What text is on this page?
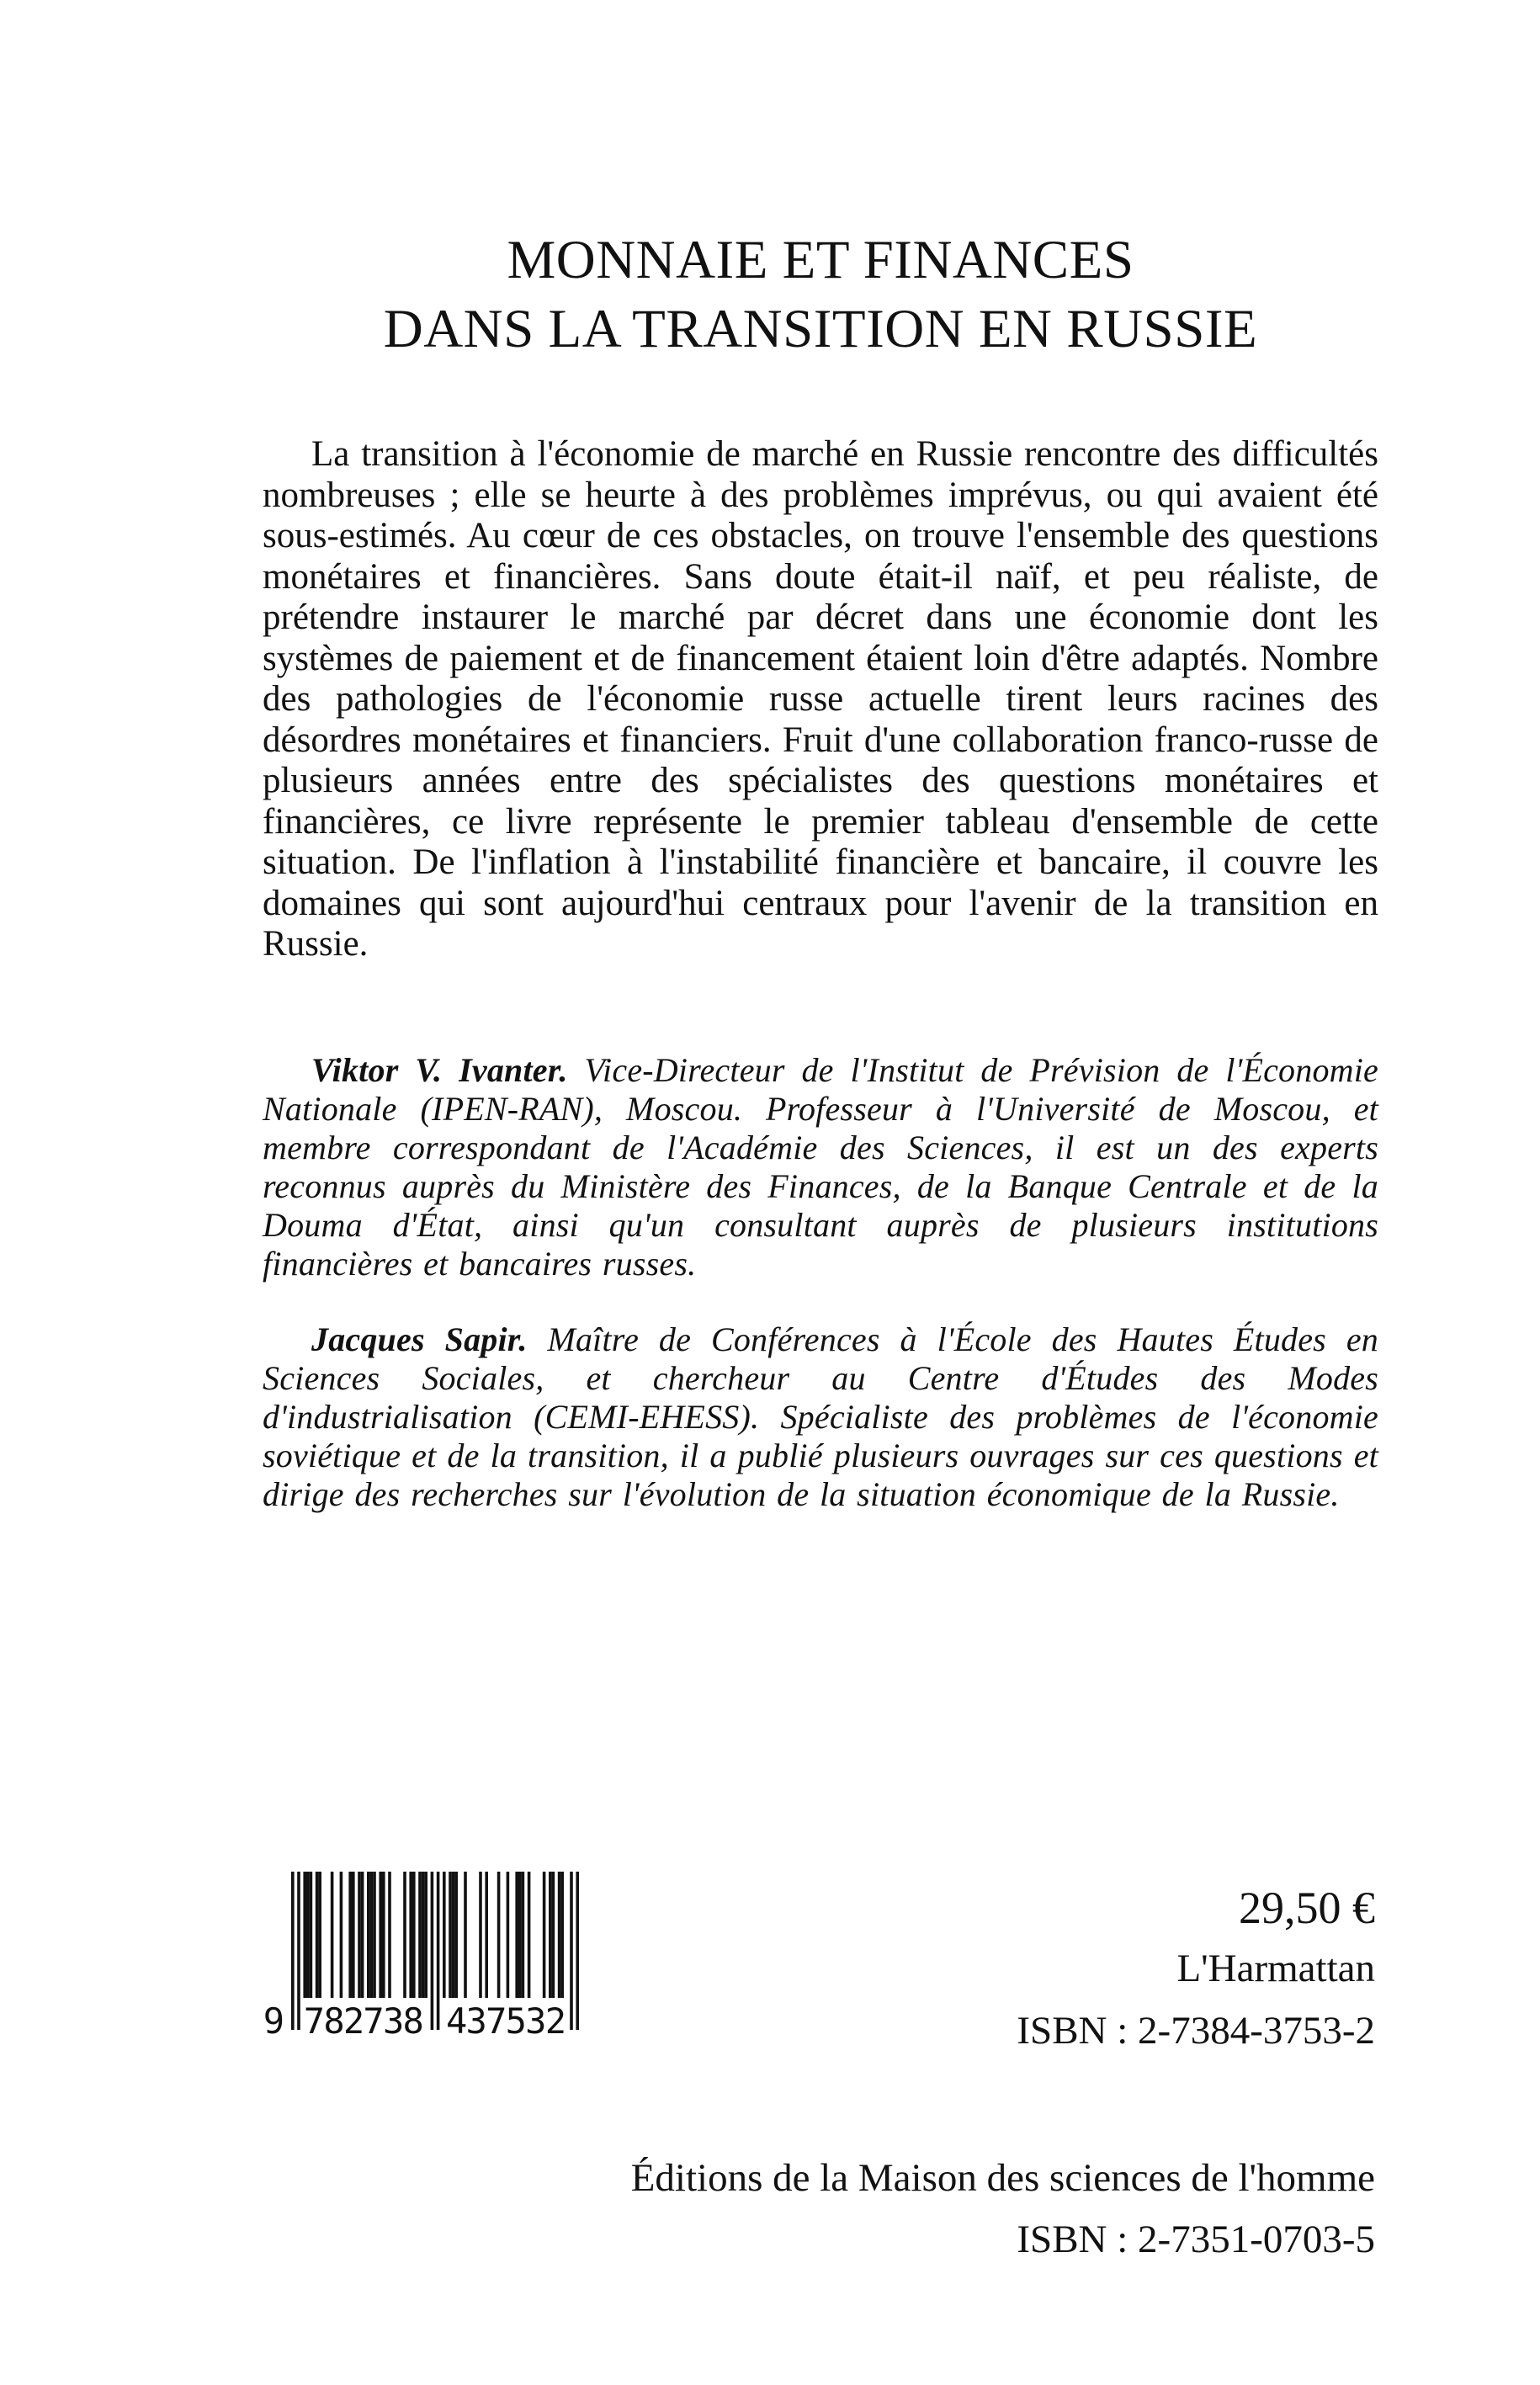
MONNAIE ET FINANCES
DANS LA TRANSITION EN RUSSIE

La transition à l'économie de marché en Russie rencontre des difficultés nombreuses ; elle se heurte à des problèmes imprévus, ou qui avaient été sous-estimés. Au cœur de ces obstacles, on trouve l'ensemble des questions monétaires et financières. Sans doute était-il naïf, et peu réaliste, de prétendre instaurer le marché par décret dans une économie dont les systèmes de paiement et de financement étaient loin d'être adaptés. Nombre des pathologies de l'économie russe actuelle tirent leurs racines des désordres monétaires et financiers. Fruit d'une collaboration franco-russe de plusieurs années entre des spécialistes des questions monétaires et financières, ce livre représente le premier tableau d'ensemble de cette situation. De l'inflation à l'instabilité financière et bancaire, il couvre les domaines qui sont aujourd'hui centraux pour l'avenir de la transition en Russie.

Viktor V. Ivanter. Vice-Directeur de l'Institut de Prévision de l'Économie Nationale (IPEN-RAN), Moscou. Professeur à l'Université de Moscou, et membre correspondant de l'Académie des Sciences, il est un des experts reconnus auprès du Ministère des Finances, de la Banque Centrale et de la Douma d'État, ainsi qu'un consultant auprès de plusieurs institutions financières et bancaires russes.

Jacques Sapir. Maître de Conférences à l'École des Hautes Études en Sciences Sociales, et chercheur au Centre d'Études des Modes d'industrialisation (CEMI-EHESS). Spécialiste des problèmes de l'économie soviétique et de la transition, il a publié plusieurs ouvrages sur ces questions et dirige des recherches sur l'évolution de la situation économique de la Russie.

9 782738 437532
29,50 €
L'Harmattan
ISBN : 2-7384-3753-2
Éditions de la Maison des sciences de l'homme
ISBN : 2-7351-0703-5
